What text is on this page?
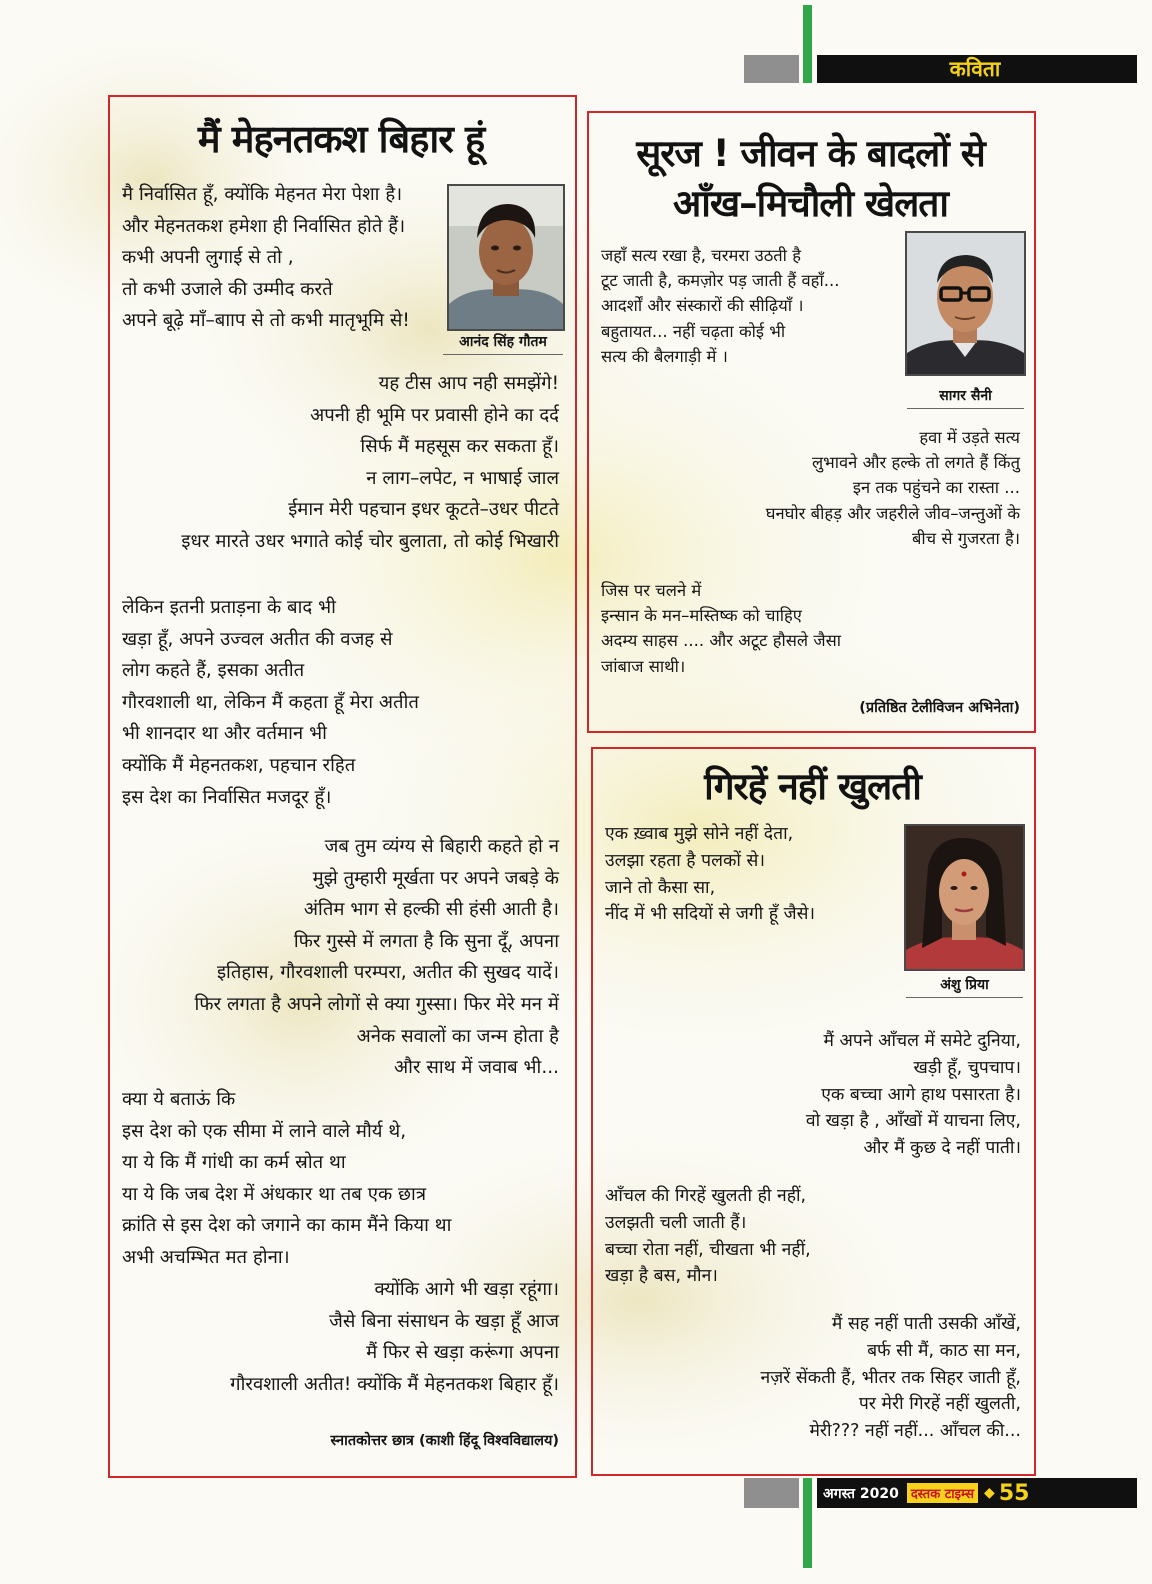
कविता
मैं मेहनतकश बिहार हूं
मै निर्वासित हूँ, क्योंकि मेहनत मेरा पेशा है।
और मेहनतकश हमेशा ही निर्वासित होते हैं।
कभी अपनी लुगाई से तो ,
तो कभी उजाले की उम्मीद करते
अपने बूढ़े माँ–बााप से तो कभी मातृभूमि से!
आनंद सिंह गौतम
यह टीस आप नही समझेंगे!
अपनी ही भूमि पर प्रवासी होने का दर्द
सिर्फ मैं महसूस कर सकता हूँ।
न लाग–लपेट, न भाषाई जाल
ईमान मेरी पहचान इधर कूटते–उधर पीटते
इधर मारते उधर भगाते कोई चोर बुलाता, तो कोई भिखारी
लेकिन इतनी प्रताड़ना के बाद भी
खड़ा हूँ, अपने उज्वल अतीत की वजह से
लोग कहते हैं, इसका अतीत
गौरवशाली था, लेकिन मैं कहता हूँ मेरा अतीत
भी शानदार था और वर्तमान भी
क्योंकि मैं मेहनतकश, पहचान रहित
इस देश का निर्वासित मजदूर हूँ।
जब तुम व्यंग्य से बिहारी कहते हो न
मुझे तुम्हारी मूर्खता पर अपने जबड़े के
अंतिम भाग से हल्की सी हंसी आती है।
फिर गुस्से में लगता है कि सुना दूँ, अपना
इतिहास, गौरवशाली परम्परा, अतीत की सुखद यादें।
फिर लगता है अपने लोगों से क्या गुस्सा। फिर मेरे मन में
अनेक सवालों का जन्म होता है
और साथ में जवाब भी...
क्या ये बताऊं कि
इस देश को एक सीमा में लाने वाले मौर्य थे,
या ये कि मैं गांधी का कर्म स्रोत था
या ये कि जब देश में अंधकार था तब एक छात्र
क्रांति से इस देश को जगाने का काम मैंने किया था
अभी अचम्भित मत होना।
क्योंकि आगे भी खड़ा रहूंगा।
जैसे बिना संसाधन के खड़ा हूँ आज
मैं फिर से खड़ा करूंगा अपना
गौरवशाली अतीत! क्योंकि मैं मेहनतकश बिहार हूँ।
स्नातकोत्तर छात्र (काशी हिंदू विश्वविद्यालय)
सूरज ! जीवन के बादलों से
आँख–मिचौली खेलता
जहाँ सत्य रखा है, चरमरा उठती है
टूट जाती है, कमज़ोर पड़ जाती हैं वहाँ...
आदर्शों और संस्कारों की सीढ़ियाँ ।
बहुतायत... नहीं चढ़ता कोई भी
सत्य की बैलगाड़ी में ।
सागर सैनी
हवा में उड़ते सत्य
लुभावने और हल्के तो लगते हैं किंतु
इन तक पहुंचने का रास्ता ...
घनघोर बीहड़ और जहरीले जीव–जन्तुओं के
बीच से गुजरता है।
जिस पर चलने में
इन्सान के मन–मस्तिष्क को चाहिए
अदम्य साहस .... और अटूट हौसले जैसा
जांबाज साथी।
(प्रतिष्ठित टेलीविजन अभिनेता)
गिरहें नहीं खुलती
एक ख़्वाब मुझे सोने नहीं देता,
उलझा रहता है पलकों से।
जाने तो कैसा सा,
नींद में भी सदियों से जगी हूँ जैसे।
अंशु प्रिया
मैं अपने आँचल में समेटे दुनिया,
खड़ी हूँ, चुपचाप।
एक बच्चा आगे हाथ पसारता है।
वो खड़ा है , आँखों में याचना लिए,
और मैं कुछ दे नहीं पाती।
आँचल की गिरहें खुलती ही नहीं,
उलझती चली जाती हैं।
बच्चा रोता नहीं, चीखता भी नहीं,
खड़ा है बस, मौन।
मैं सह नहीं पाती उसकी आँखें,
बर्फ सी मैं, काठ सा मन,
नज़रें सेंकती हैं, भीतर तक सिहर जाती हूँ,
पर मेरी गिरहें नहीं खुलती,
मेरी??? नहीं नहीं... आँचल की...
अगस्त 2020 दस्तक टाइम्स ◆ 55
